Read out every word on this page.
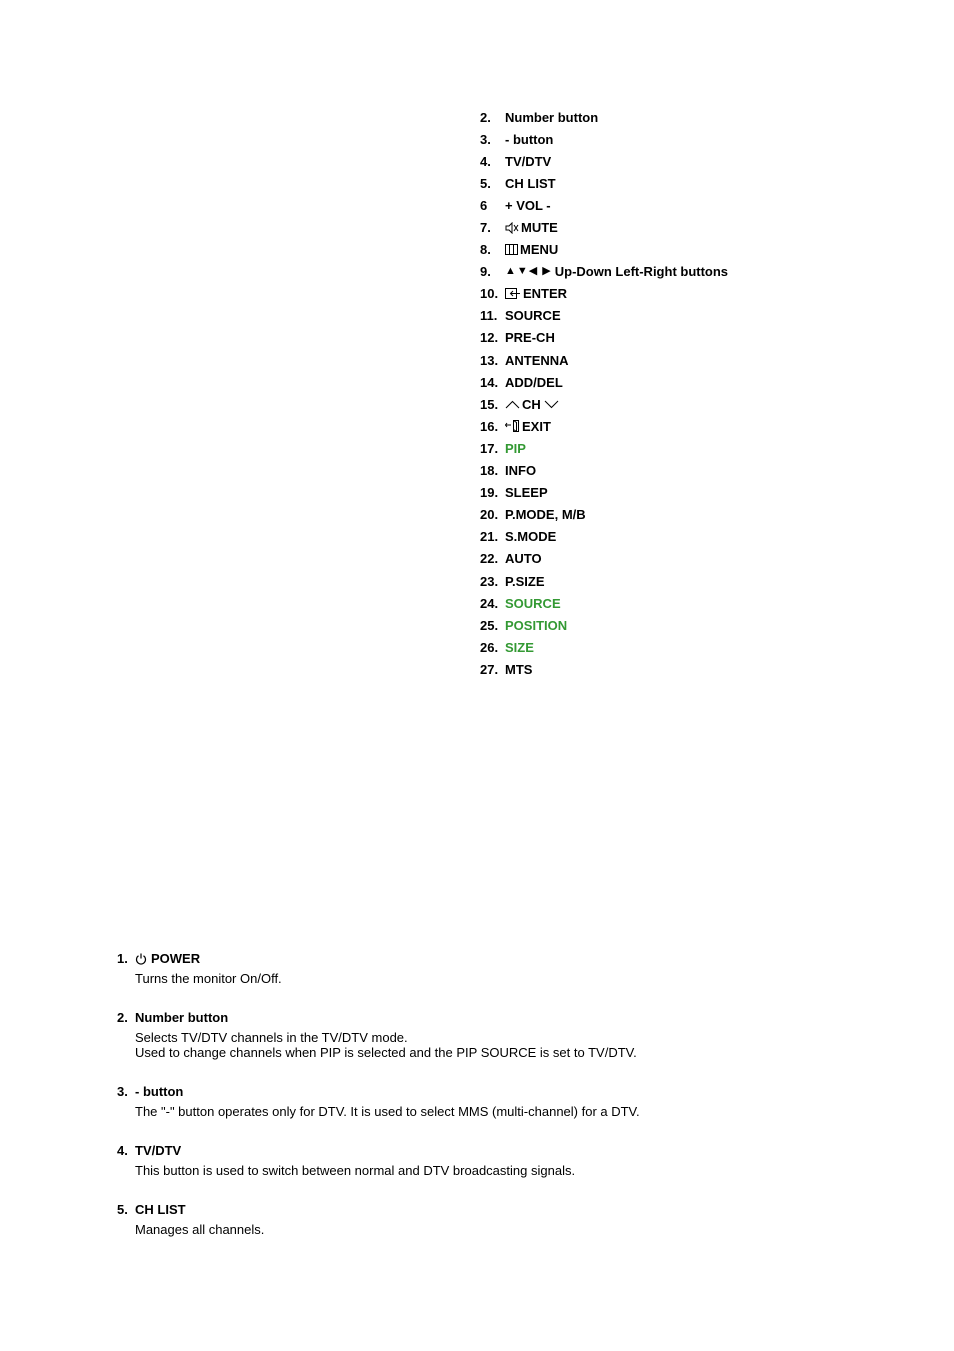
2.	Number button
3.	- button
4.	TV/DTV
5.	CH LIST
6	+ VOL -
7.	MUTE
8.	MENU
9.	▲▼◀ ▶ Up-Down Left-Right buttons
10.	ENTER
11. SOURCE
12. PRE-CH
13. ANTENNA
14. ADD/DEL
15.	CH
16.	EXIT
17. PIP
18. INFO
19. SLEEP
20. P.MODE, M/B
21. S.MODE
22. AUTO
23. P.SIZE
24. SOURCE
25. POSITION
26. SIZE
27. MTS
1.	POWER

Turns the monitor On/Off.

2. Number button

Selects TV/DTV channels in the TV/DTV mode.

Used to change channels when PIP is selected and the PIP SOURCE is set to TV/DTV.

3. - button

The "-" button operates only for DTV. It is used to select MMS (multi-channel) for a DTV.

4. TV/DTV

This button is used to switch between normal and DTV broadcasting signals.

5. CH LIST

Manages all channels.
